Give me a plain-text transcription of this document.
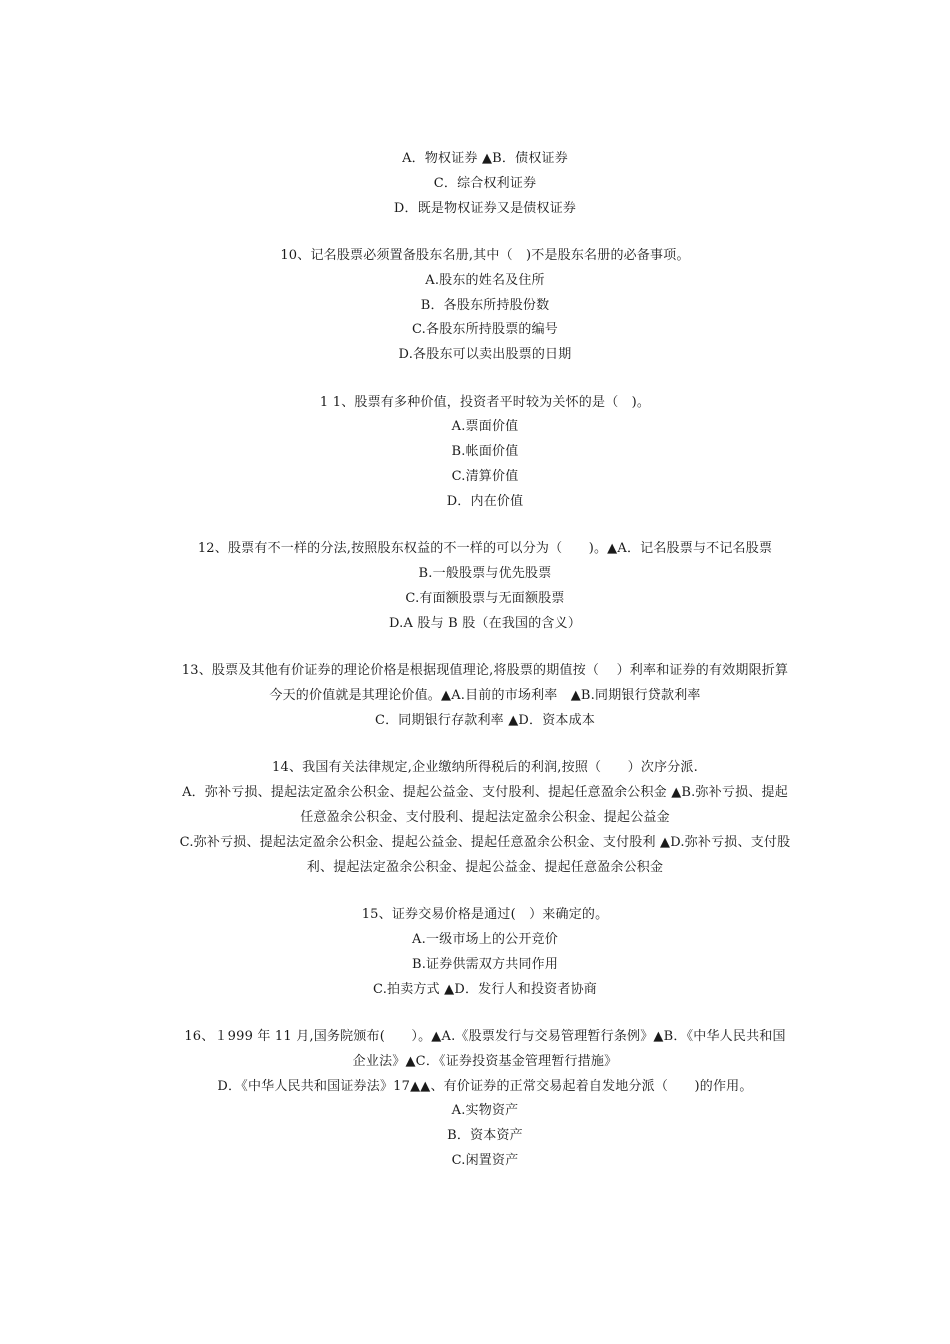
A．物权证券 ▲B．债权证券
C．综合权利证券
D．既是物权证券又是债权证券
10、记名股票必须置备股东名册,其中（　)不是股东名册的必备事项。
A.股东的姓名及住所
B．各股东所持股份数
C.各股东所持股票的编号
D.各股东可以卖出股票的日期
1 1、股票有多种价值，投资者平时较为关怀的是（　)。
A.票面价值
B.帐面价值
C.清算价值
D．内在价值
12、股票有不一样的分法,按照股东权益的不一样的可以分为（　　)。▲A．记名股票与不记名股票
B.一般股票与优先股票
C.有面额股票与无面额股票
D.A 股与 B 股（在我国的含义）
13、股票及其他有价证券的理论价格是根据现值理论,将股票的期值按（　 ）利率和证券的有效期限折算
今天的价值就是其理论价值。▲A.目前的市场利率　▲B.同期银行贷款利率
C．同期银行存款利率 ▲D．资本成本
14、我国有关法律规定,企业缴纳所得税后的利润,按照（　　）次序分派.
A．弥补亏损、提起法定盈余公积金、提起公益金、支付股利、提起任意盈余公积金 ▲B.弥补亏损、提起
任意盈余公积金、支付股利、提起法定盈余公积金、提起公益金
C.弥补亏损、提起法定盈余公积金、提起公益金、提起任意盈余公积金、支付股利 ▲D.弥补亏损、支付股
利、提起法定盈余公积金、提起公益金、提起任意盈余公积金
15、证券交易价格是通过(　）来确定的。
A.一级市场上的公开竞价
B.证券供需双方共同作用
C.拍卖方式 ▲D．发行人和投资者协商
16、１999 年 11 月,国务院颁布(　　）。▲A.《股票发行与交易管理暂行条例》▲B．《中华人民共和国
企业法》▲C．《证券投资基金管理暂行措施》
D．《中华人民共和国证券法》17▲▲、有价证券的正常交易起着自发地分派（　　)的作用。
A.实物资产
B．资本资产
C.闲置资产
